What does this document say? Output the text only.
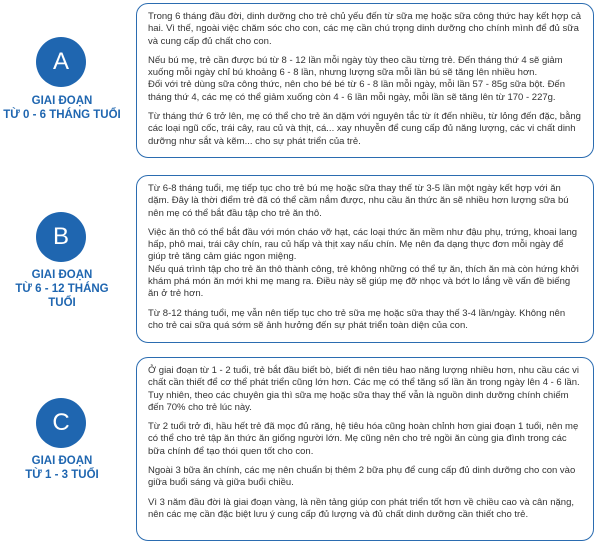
A
GIAI ĐOẠN
TỪ 0 - 6 THÁNG TUỔI

Trong 6 tháng đầu đời, dinh dưỡng cho trẻ chủ yếu đến từ sữa mẹ hoặc sữa công thức hay kết hợp cả hai. Vì thế, ngoài việc chăm sóc cho con, các mẹ cần chú trọng dinh dưỡng cho chính mình để đủ sữa và cung cấp đủ chất cho con.

Nếu bú mẹ, trẻ cần được bú từ 8 - 12 lần mỗi ngày tùy theo cầu từng trẻ. Đến tháng thứ 4 sẽ giảm xuống mỗi ngày chỉ bú khoảng 6 - 8 lần, nhưng lượng sữa mỗi lần bú sẽ tăng lên nhiều hơn.

Đối với trẻ dùng sữa công thức, nên cho bé bé từ 6 - 8 lần mỗi ngày, mỗi lần 57 - 85g sữa bột. Đến tháng thứ 4, các mẹ có thể giảm xuống còn 4 - 6 lần mỗi ngày, mỗi lần sẽ tăng lên từ 170 - 227g.

Từ tháng thứ 6 trở lên, mẹ có thể cho trẻ ăn dặm với nguyên tắc từ ít đến nhiều, từ lỏng đến đặc, bằng các loại ngũ cốc, trái cây, rau củ và thịt, cá... xay nhuyễn để cung cấp đủ năng lượng, các vi chất dinh dưỡng như sắt và kẽm... cho sự phát triển của trẻ.

B
GIAI ĐOẠN
TỪ 6 - 12 THÁNG TUỔI

Từ 6-8 tháng tuổi, mẹ tiếp tục cho trẻ bú mẹ hoặc sữa thay thế từ 3-5 lần một ngày kết hợp với ăn dặm. Đây là thời điểm trẻ đã có thể cầm nắm được, nhu cầu ăn thức ăn sẽ nhiều hơn lượng sữa bú nên mẹ có thể bắt đầu tập cho trẻ ăn thô.

Việc ăn thô có thể bắt đầu với món cháo vỡ hạt, các loại thức ăn mềm như đậu phụ, trứng, khoai lang hấp, phô mai, trái cây chín, rau củ hấp và thịt xay nấu chín. Mẹ nên đa dạng thực đơn mỗi ngày để giúp trẻ tăng cảm giác ngon miệng.

Nếu quá trình tập cho trẻ ăn thô thành công, trẻ không những có thể tự ăn, thích ăn mà còn hứng khởi khám phá món ăn mới khi mẹ mang ra. Điều này sẽ giúp mẹ đỡ nhọc và bớt lo lắng về vấn đề biếng ăn ở trẻ hơn.

Từ 8-12 tháng tuổi, mẹ vẫn nên tiếp tục cho trẻ sữa mẹ hoặc sữa thay thế 3-4 lần/ngày. Không nên cho trẻ cai sữa quá sớm sẽ ảnh hưởng đến sự phát triển toàn diện của con.

C
GIAI ĐOẠN
TỪ 1 - 3 TUỔI

Ở giai đoạn từ 1 - 2 tuổi, trẻ bắt đầu biết bò, biết đi nên tiêu hao năng lượng nhiều hơn, nhu cầu các vi chất cần thiết để cơ thể phát triển cũng lớn hơn. Các mẹ có thể tăng số lần ăn trong ngày lên 4 - 6 lần. Tuy nhiên, theo các chuyên gia thì sữa mẹ hoặc sữa thay thế vẫn là nguồn dinh dưỡng chính chiếm đến 70% cho trẻ lúc này.

Từ 2 tuổi trở đi, hầu hết trẻ đã mọc đủ răng, hệ tiêu hóa cũng hoàn chỉnh hơn giai đoạn 1 tuổi, nên mẹ có thể cho trẻ tập ăn thức ăn giống người lớn. Mẹ cũng nên cho trẻ ngồi ăn cùng gia đình trong các bữa chính để tạo thói quen tốt cho con.

Ngoài 3 bữa ăn chính, các mẹ nên chuẩn bị thêm 2 bữa phụ để cung cấp đủ dinh dưỡng cho con vào giữa buổi sáng và giữa buổi chiều.

Vì 3 năm đầu đời là giai đoạn vàng, là nền tảng giúp con phát triển tốt hơn về chiều cao và cân nặng, nên các mẹ cần đặc biệt lưu ý cung cấp đủ lượng và đủ chất dinh dưỡng cần thiết cho trẻ.
